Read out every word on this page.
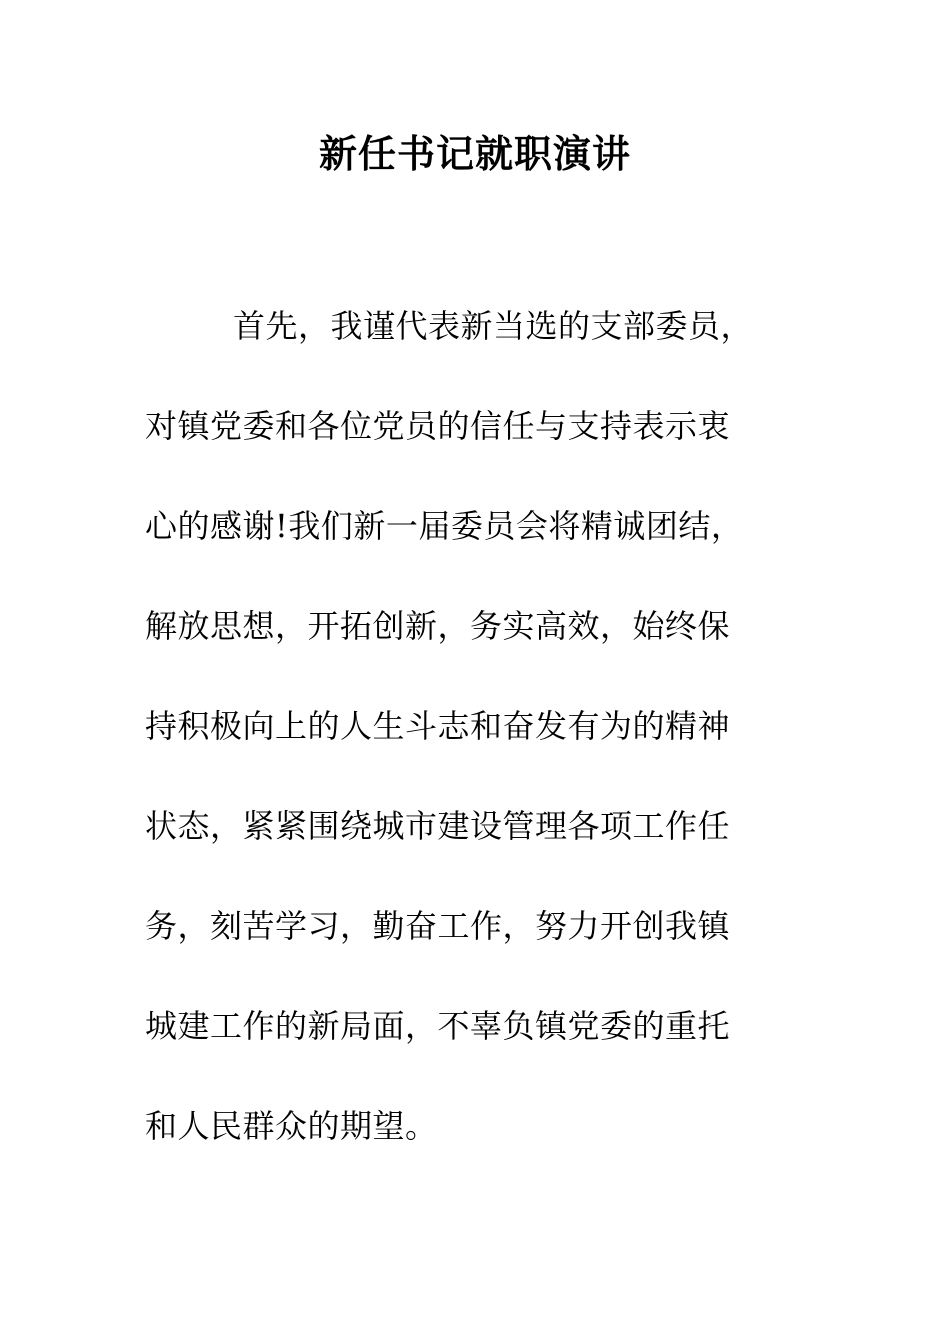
新任书记就职演讲
首先，我谨代表新当选的支部委员，
对镇党委和各位党员的信任与支持表示衷
心的感谢!我们新一届委员会将精诚团结，
解放思想，开拓创新，务实高效，始终保
持积极向上的人生斗志和奋发有为的精神
状态，紧紧围绕城市建设管理各项工作任
务，刻苦学习，勤奋工作，努力开创我镇
城建工作的新局面，不辜负镇党委的重托
和人民群众的期望。
